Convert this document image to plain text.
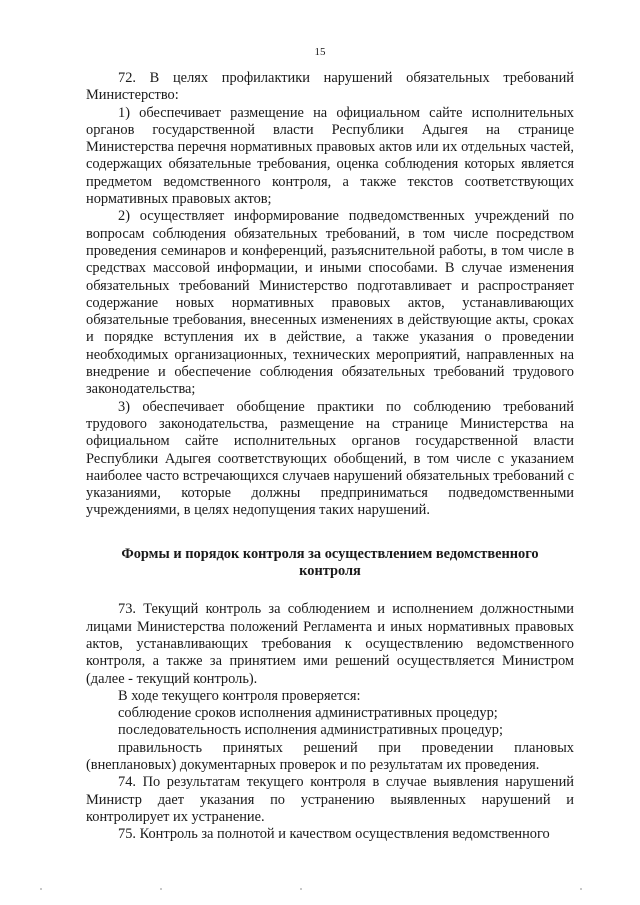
15

72. В целях профилактики нарушений обязательных требований Министерство:

1) обеспечивает размещение на официальном сайте исполнительных органов государственной власти Республики Адыгея на странице Министерства перечня нормативных правовых актов или их отдельных частей, содержащих обязательные требования, оценка соблюдения которых является предметом ведомственного контроля, а также текстов соответствующих нормативных правовых актов;

2) осуществляет информирование подведомственных учреждений по вопросам соблюдения обязательных требований, в том числе посредством проведения семинаров и конференций, разъяснительной работы, в том числе в средствах массовой информации, и иными способами. В случае изменения обязательных требований Министерство подготавливает и распространяет содержание новых нормативных правовых актов, устанавливающих обязательные требования, внесенных изменениях в действующие акты, сроках и порядке вступления их в действие, а также указания о проведении необходимых организационных, технических мероприятий, направленных на внедрение и обеспечение соблюдения обязательных требований трудового законодательства;

3) обеспечивает обобщение практики по соблюдению требований трудового законодательства, размещение на странице Министерства на официальном сайте исполнительных органов государственной власти Республики Адыгея соответствующих обобщений, в том числе с указанием наиболее часто встречающихся случаев нарушений обязательных требований с указаниями, которые должны предприниматься подведомственными учреждениями, в целях недопущения таких нарушений.

Формы и порядок контроля за осуществлением ведомственного
контроля

73. Текущий контроль за соблюдением и исполнением должностными лицами Министерства положений Регламента и иных нормативных правовых актов, устанавливающих требования к осуществлению ведомственного контроля, а также за принятием ими решений осуществляется Министром (далее - текущий контроль).

В ходе текущего контроля проверяется:

соблюдение сроков исполнения административных процедур;

последовательность исполнения административных процедур;

правильность принятых решений при проведении плановых (внеплановых) документарных проверок и по результатам их проведения.

74. По результатам текущего контроля в случае выявления нарушений Министр дает указания по устранению выявленных нарушений и контролирует их устранение.

75. Контроль за полнотой и качеством осуществления ведомственного
